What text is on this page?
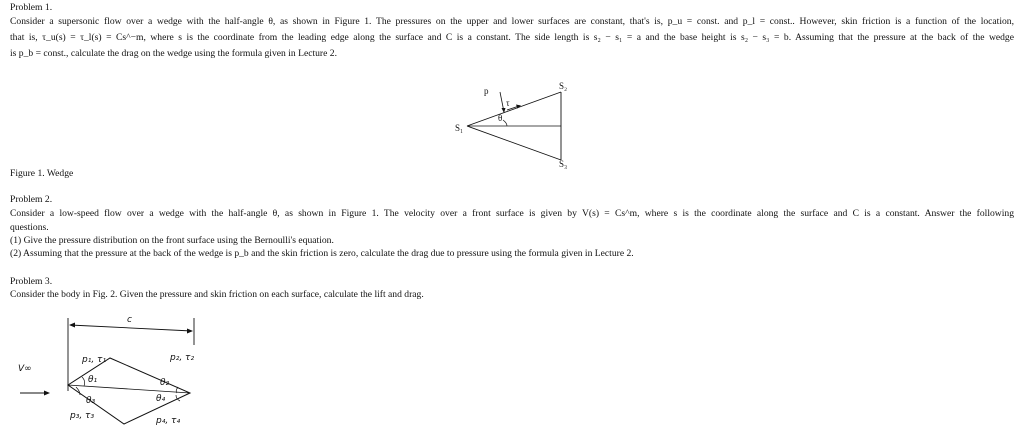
Problem 1.
Consider a supersonic flow over a wedge with the half-angle θ, as shown in Figure 1. The pressures on the upper and lower surfaces are constant, that's is, p_u = const. and p_l = const.. However, skin friction is a function of the location,
that is, τ_u(s) = τ_l(s) = Cs^−m, where s is the coordinate from the leading edge along the surface and C is a constant. The side length is s₂ − s₁ = a and the base height is s₂ − s₃ = b. Assuming that the pressure at the back of the wedge
is p_b = const., calculate the drag on the wedge using the formula given in Lecture 2.
p
τ
θ
S₁
S₂
S₃
Figure 1. Wedge
Problem 2.
Consider a low-speed flow over a wedge with the half-angle θ, as shown in Figure 1. The velocity over a front surface is given by V(s) = Cs^m, where s is the coordinate along the surface and C is a constant. Answer the following
questions.
(1) Give the pressure distribution on the front surface using the Bernoulli's equation.
(2) Assuming that the pressure at the back of the wedge is p_b and the skin friction is zero, calculate the drag due to pressure using the formula given in Lecture 2.
Problem 3.
Consider the body in Fig. 2. Given the pressure and skin friction on each surface, calculate the lift and drag.
c
V∞
p₁, τ₁	p₂, τ₂
θ₁	θ₂
θ₃	θ₄
p₃, τ₃	p₄, τ₄
